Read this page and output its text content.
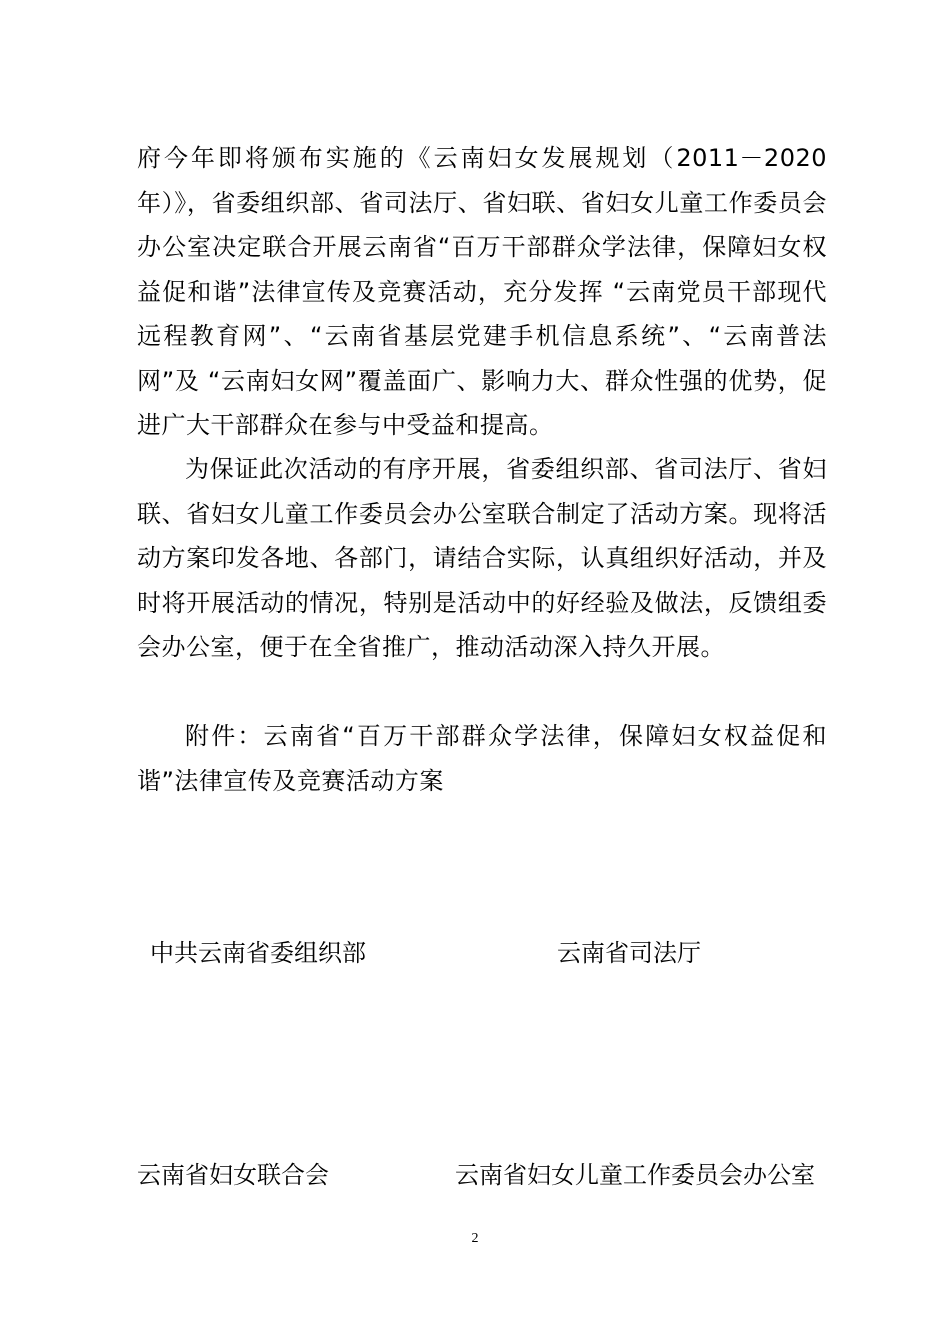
府今年即将颁布实施的《云南妇女发展规划（2011－2020年）》，省委组织部、省司法厅、省妇联、省妇女儿童工作委员会办公室决定联合开展云南省“百万干部群众学法律，保障妇女权益促和谐”法律宣传及竞赛活动，充分发挥 “云南党员干部现代远程教育网”、“云南省基层党建手机信息系统”、“云南普法网”及 “云南妇女网”覆盖面广、影响力大、群众性强的优势，促进广大干部群众在参与中受益和提高。

为保证此次活动的有序开展，省委组织部、省司法厅、省妇联、省妇女儿童工作委员会办公室联合制定了活动方案。现将活动方案印发各地、各部门，请结合实际，认真组织好活动，并及时将开展活动的情况，特别是活动中的好经验及做法，反馈组委会办公室，便于在全省推广，推动活动深入持久开展。

附件：云南省“百万干部群众学法律，保障妇女权益促和谐”法律宣传及竞赛活动方案

中共云南省委组织部	云南省司法厅
云南省妇女联合会	云南省妇女儿童工作委员会办公室
2
